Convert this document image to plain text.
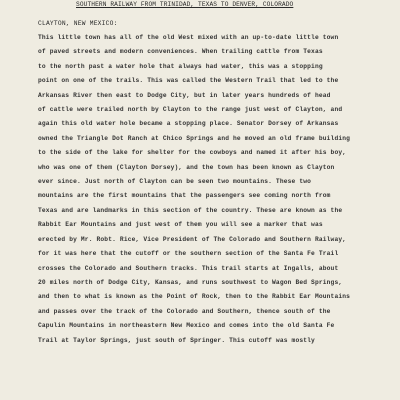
SOUTHERN RAILWAY FROM TRINIDAD, TEXAS TO DENVER, COLORADO
CLAYTON, NEW MEXICO:
This little town has all of the old West mixed with an up-to-date little town
of paved streets and modern conveniences. When trailing cattle from Texas
to the north past a water hole that always had water, this was a stopping
point on one of the trails. This was called the Western Trail that led to the
Arkansas River then east to Dodge City, but in later years hundreds of head
of cattle were trailed north by Clayton to the range just west of Clayton, and
again this old water hole became a stopping place. Senator Dorsey of Arkansas
owned the Triangle Dot Ranch at Chico Springs and he moved an old frame building
to the side of the lake for shelter for the cowboys and named it after his boy,
who was one of them (Clayton Dorsey), and the town has been known as Clayton
ever since. Just north of Clayton can be seen two mountains. These two
mountains are the first mountains that the passengers see coming north from
Texas and are landmarks in this section of the country. These are known as the
Rabbit Ear Mountains and just west of them you will see a marker that was
erected by Mr. Robt. Rice, Vice President of The Colorado and Southern Railway,
for it was here that the cutoff or the southern section of the Santa Fe Trail
crosses the Colorado and Southern tracks. This trail starts at Ingalls, about
20 miles north of Dodge City, Kansas, and runs southwest to Wagon Bed Springs,
and then to what is known as the Point of Rock, then to the Rabbit Ear Mountains
and passes over the track of the Colorado and Southern, thence south of the
Capulin Mountains in northeastern New Mexico and comes into the old Santa Fe
Trail at Taylor Springs, just south of Springer. This cutoff was mostly
